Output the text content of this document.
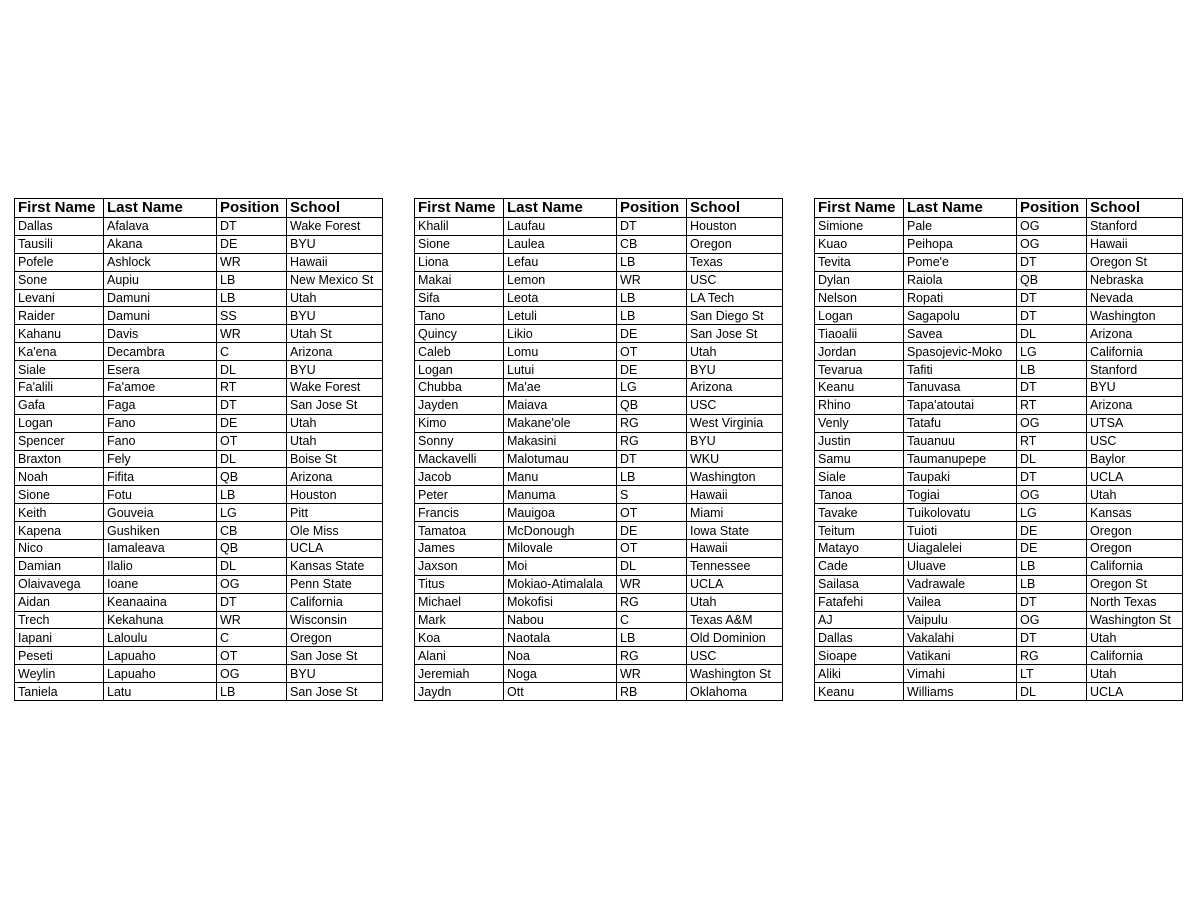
First Name	Last Name	Position	School
Dallas	Afalava	DT	Wake Forest
Tausili	Akana	DE	BYU
Pofele	Ashlock	WR	Hawaii
Sone	Aupiu	LB	New Mexico St
Levani	Damuni	LB	Utah
Raider	Damuni	SS	BYU
Kahanu	Davis	WR	Utah St
Ka'ena	Decambra	C	Arizona
Siale	Esera	DL	BYU
Fa'alili	Fa'amoe	RT	Wake Forest
Gafa	Faga	DT	San Jose St
Logan	Fano	DE	Utah
Spencer	Fano	OT	Utah
Braxton	Fely	DL	Boise St
Noah	Fifita	QB	Arizona
Sione	Fotu	LB	Houston
Keith	Gouveia	LG	Pitt
Kapena	Gushiken	CB	Ole Miss
Nico	Iamaleava	QB	UCLA
Damian	Ilalio	DL	Kansas State
Olaivavega	Ioane	OG	Penn State
Aidan	Keanaaina	DT	California
Trech	Kekahuna	WR	Wisconsin
Iapani	Laloulu	C	Oregon
Peseti	Lapuaho	OT	San Jose St
Weylin	Lapuaho	OG	BYU
Taniela	Latu	LB	San Jose St
First Name	Last Name	Position	School
Khalil	Laufau	DT	Houston
Sione	Laulea	CB	Oregon
Liona	Lefau	LB	Texas
Makai	Lemon	WR	USC
Sifa	Leota	LB	LA Tech
Tano	Letuli	LB	San Diego St
Quincy	Likio	DE	San Jose St
Caleb	Lomu	OT	Utah
Logan	Lutui	DE	BYU
Chubba	Ma'ae	LG	Arizona
Jayden	Maiava	QB	USC
Kimo	Makane'ole	RG	West Virginia
Sonny	Makasini	RG	BYU
Mackavelli	Malotumau	DT	WKU
Jacob	Manu	LB	Washington
Peter	Manuma	S	Hawaii
Francis	Mauigoa	OT	Miami
Tamatoa	McDonough	DE	Iowa State
James	Milovale	OT	Hawaii
Jaxson	Moi	DL	Tennessee
Titus	Mokiao-Atimalala	WR	UCLA
Michael	Mokofisi	RG	Utah
Mark	Nabou	C	Texas A&M
Koa	Naotala	LB	Old Dominion
Alani	Noa	RG	USC
Jeremiah	Noga	WR	Washington St
Jaydn	Ott	RB	Oklahoma
First Name	Last Name	Position	School
Simione	Pale	OG	Stanford
Kuao	Peihopa	OG	Hawaii
Tevita	Pome'e	DT	Oregon St
Dylan	Raiola	QB	Nebraska
Nelson	Ropati	DT	Nevada
Logan	Sagapolu	DT	Washington
Tiaoalii	Savea	DL	Arizona
Jordan	Spasojevic-Moko	LG	California
Tevarua	Tafiti	LB	Stanford
Keanu	Tanuvasa	DT	BYU
Rhino	Tapa'atoutai	RT	Arizona
Venly	Tatafu	OG	UTSA
Justin	Tauanuu	RT	USC
Samu	Taumanupepe	DL	Baylor
Siale	Taupaki	DT	UCLA
Tanoa	Togiai	OG	Utah
Tavake	Tuikolovatu	LG	Kansas
Teitum	Tuioti	DE	Oregon
Matayo	Uiagalelei	DE	Oregon
Cade	Uluave	LB	California
Sailasa	Vadrawale	LB	Oregon St
Fatafehi	Vailea	DT	North Texas
AJ	Vaipulu	OG	Washington St
Dallas	Vakalahi	DT	Utah
Sioape	Vatikani	RG	California
Aliki	Vimahi	LT	Utah
Keanu	Williams	DL	UCLA
